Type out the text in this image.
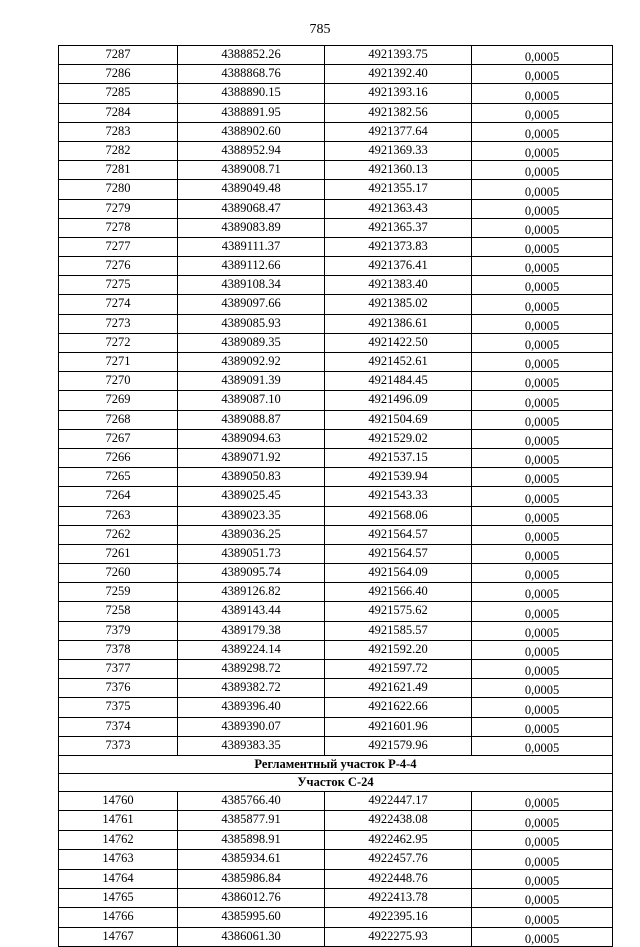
785
7287	4388852.26	4921393.75	0,0005
7286	4388868.76	4921392.40	0,0005
7285	4388890.15	4921393.16	0,0005
7284	4388891.95	4921382.56	0,0005
7283	4388902.60	4921377.64	0,0005
7282	4388952.94	4921369.33	0,0005
7281	4389008.71	4921360.13	0,0005
7280	4389049.48	4921355.17	0,0005
7279	4389068.47	4921363.43	0,0005
7278	4389083.89	4921365.37	0,0005
7277	4389111.37	4921373.83	0,0005
7276	4389112.66	4921376.41	0,0005
7275	4389108.34	4921383.40	0,0005
7274	4389097.66	4921385.02	0,0005
7273	4389085.93	4921386.61	0,0005
7272	4389089.35	4921422.50	0,0005
7271	4389092.92	4921452.61	0,0005
7270	4389091.39	4921484.45	0,0005
7269	4389087.10	4921496.09	0,0005
7268	4389088.87	4921504.69	0,0005
7267	4389094.63	4921529.02	0,0005
7266	4389071.92	4921537.15	0,0005
7265	4389050.83	4921539.94	0,0005
7264	4389025.45	4921543.33	0,0005
7263	4389023.35	4921568.06	0,0005
7262	4389036.25	4921564.57	0,0005
7261	4389051.73	4921564.57	0,0005
7260	4389095.74	4921564.09	0,0005
7259	4389126.82	4921566.40	0,0005
7258	4389143.44	4921575.62	0,0005
7379	4389179.38	4921585.57	0,0005
7378	4389224.14	4921592.20	0,0005
7377	4389298.72	4921597.72	0,0005
7376	4389382.72	4921621.49	0,0005
7375	4389396.40	4921622.66	0,0005
7374	4389390.07	4921601.96	0,0005
7373	4389383.35	4921579.96	0,0005
Регламентный участок Р-4-4			
Участок С-24			
14760	4385766.40	4922447.17	0,0005
14761	4385877.91	4922438.08	0,0005
14762	4385898.91	4922462.95	0,0005
14763	4385934.61	4922457.76	0,0005
14764	4385986.84	4922448.76	0,0005
14765	4386012.76	4922413.78	0,0005
14766	4385995.60	4922395.16	0,0005
14767	4386061.30	4922275.93	0,0005
